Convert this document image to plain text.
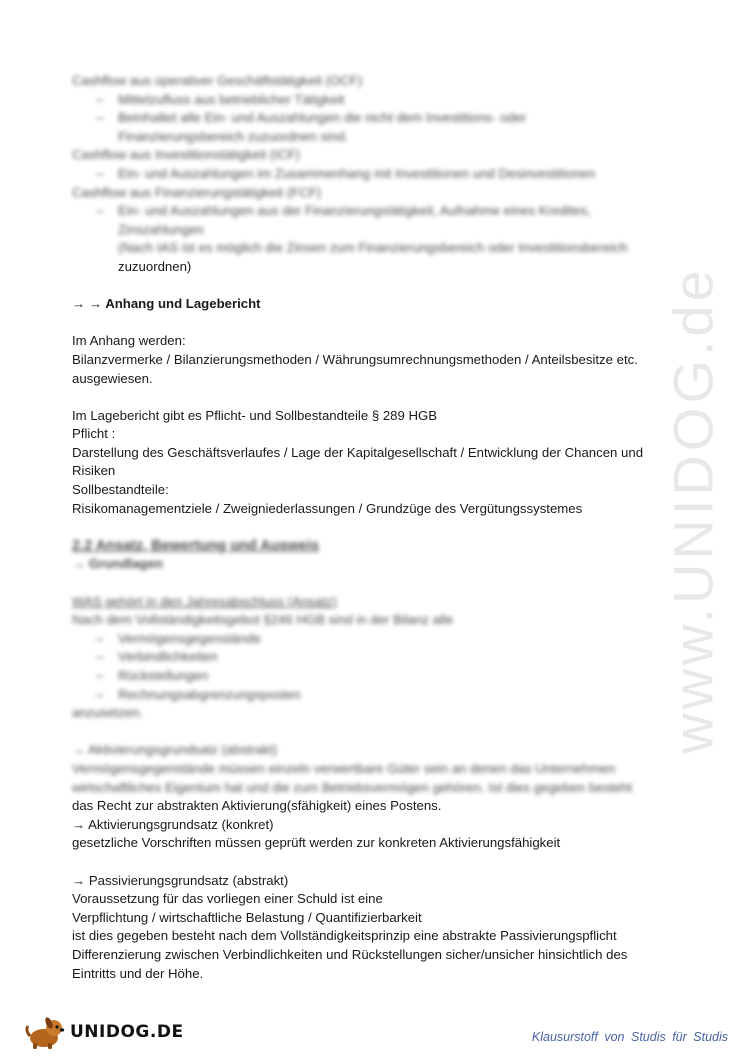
www.UNIDOG.de
Cashflow aus operativer Geschäftstätigkeit (OCF)
– Mittelzufluss aus betrieblicher Tätigkeit
– Beinhaltet alle Ein- und Auszahlungen die nicht dem Investitions- oder
Finanzierungsbereich zuzuordnen sind.
Cashflow aus Investitionstätigkeit (ICF)
– Ein- und Auszahlungen im Zusammenhang mit Investitionen und Desinvestitionen
Cashflow aus Finanzierungstätigkeit (FCF)
– Ein- und Auszahlungen aus der Finanzierungstätigkeit, Aufnahme eines Kredites,
Zinszahlungen
(Nach IAS ist es möglich die Zinsen zum Finanzierungsbereich oder Investitionsbereich
zuzuordnen)
→ → Anhang und Lagebericht
Im Anhang werden:
Bilanzvermerke / Bilanzierungsmethoden / Währungsumrechnungsmethoden / Anteilsbesitze etc.
ausgewiesen.
Im Lagebericht gibt es Pflicht- und Sollbestandteile § 289 HGB
Pflicht :
Darstellung des Geschäftsverlaufes / Lage der Kapitalgesellschaft / Entwicklung der Chancen und
Risiken
Sollbestandteile:
Risikomanagementziele / Zweigniederlassungen / Grundzüge des Vergütungssystemes
2.2 Ansatz, Bewertung und Ausweis
→ Grundlagen
WAS gehört in den Jahresabschluss (Ansatz)
Nach dem Vollständigkeitsgebot §246 HGB sind in der Bilanz alle
– Vermögensgegenstände
– Verbindlichkeiten
– Rückstellungen
– Rechnungsabgrenzungsposten
anzusetzen.
→ Aktivierungsgrundsatz (abstrakt)
Vermögensgegenstände müssen einzeln verwertbare Güter sein an denen das Unternehmen
wirtschaftliches Eigentum hat und die zum Betriebsvermögen gehören. Ist dies gegeben besteht
das Recht zur abstrakten Aktivierung(sfähigkeit) eines Postens.
→ Aktivierungsgrundsatz (konkret)
gesetzliche Vorschriften müssen geprüft werden zur konkreten Aktivierungsfähigkeit
→ Passivierungsgrundsatz (abstrakt)
Voraussetzung für das vorliegen einer Schuld ist eine
Verpflichtung / wirtschaftliche Belastung / Quantifizierbarkeit
ist dies gegeben besteht nach dem Vollständigkeitsprinzip eine abstrakte Passivierungspflicht
Differenzierung zwischen Verbindlichkeiten und Rückstellungen sicher/unsicher hinsichtlich des
Eintritts und der Höhe.
UNIDOG.DE	Klausurstoff von Studis für Studis
